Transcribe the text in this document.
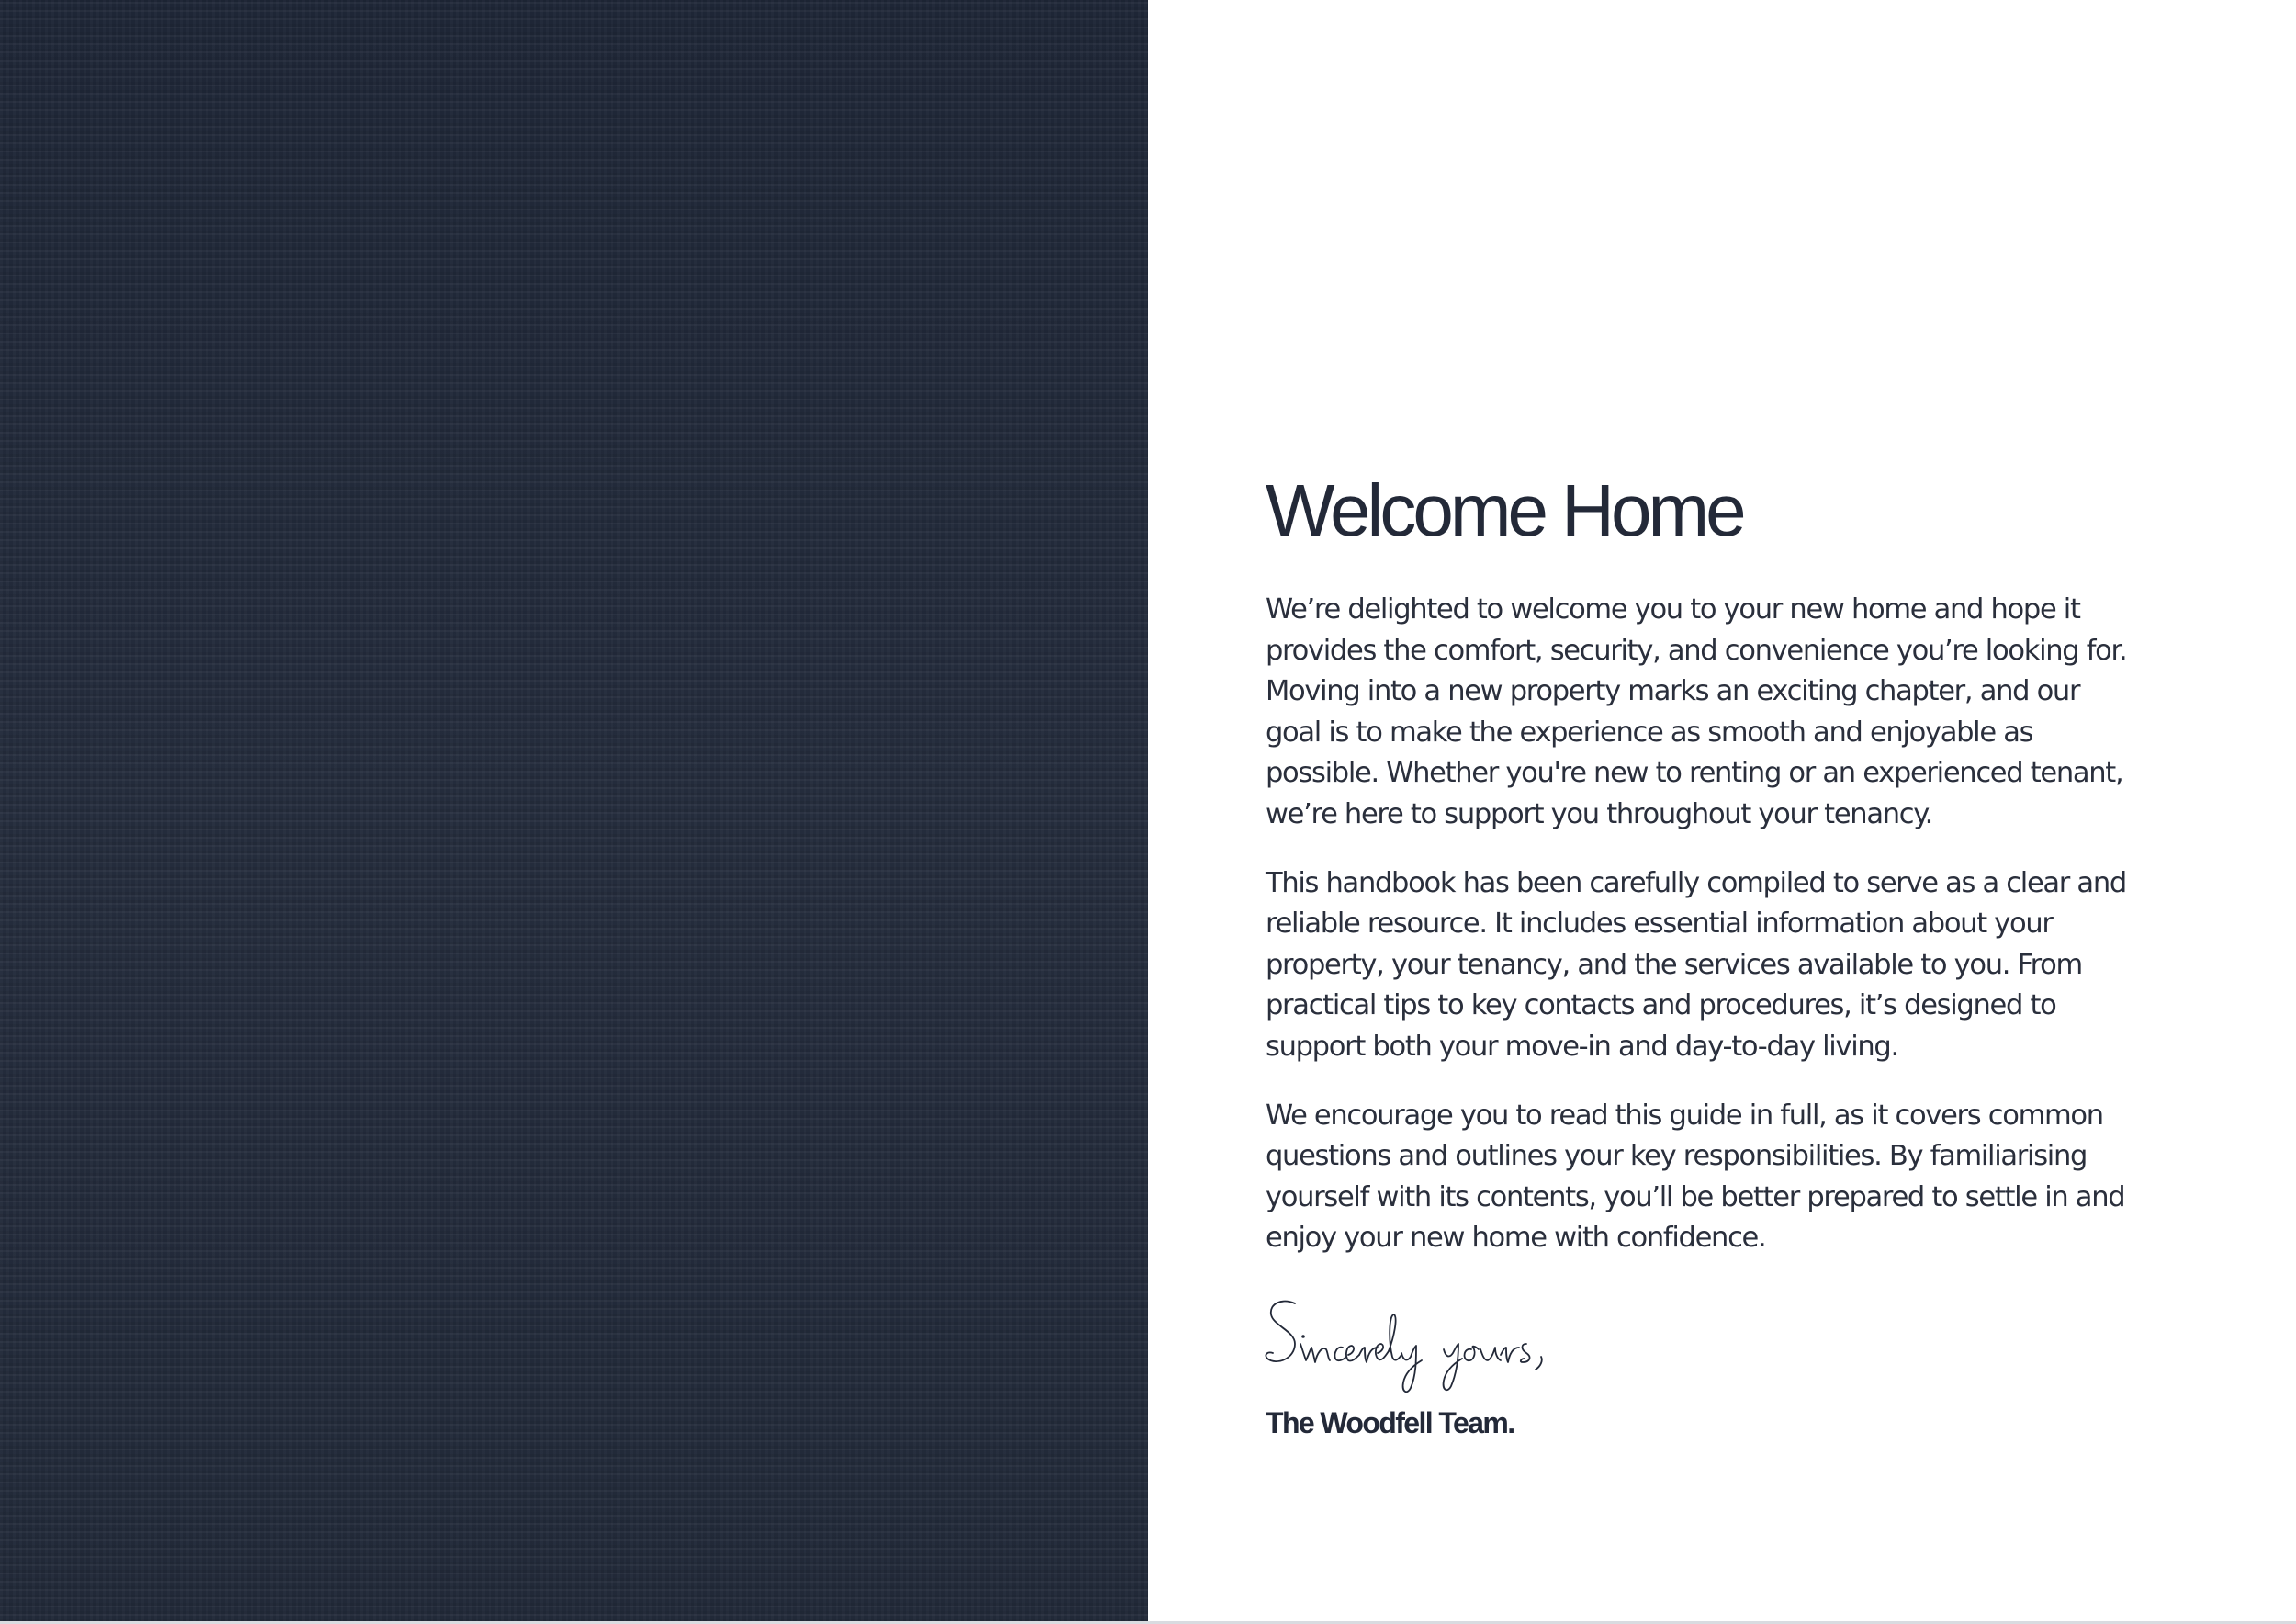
Welcome Home

We’re delighted to welcome you to your new home and hope it provides the comfort, security, and convenience you’re looking for. Moving into a new property marks an exciting chapter, and our goal is to make the experience as smooth and enjoyable as possible. Whether you're new to renting or an experienced tenant, we’re here to support you throughout your tenancy.

This handbook has been carefully compiled to serve as a clear and reliable resource. It includes essential information about your property, your tenancy, and the services available to you. From practical tips to key contacts and procedures, it’s designed to support both your move-in and day-to-day living.

We encourage you to read this guide in full, as it covers common questions and outlines your key responsibilities. By familiarising yourself with its contents, you’ll be better prepared to settle in and enjoy your new home with confidence.

The Woodfell Team.
